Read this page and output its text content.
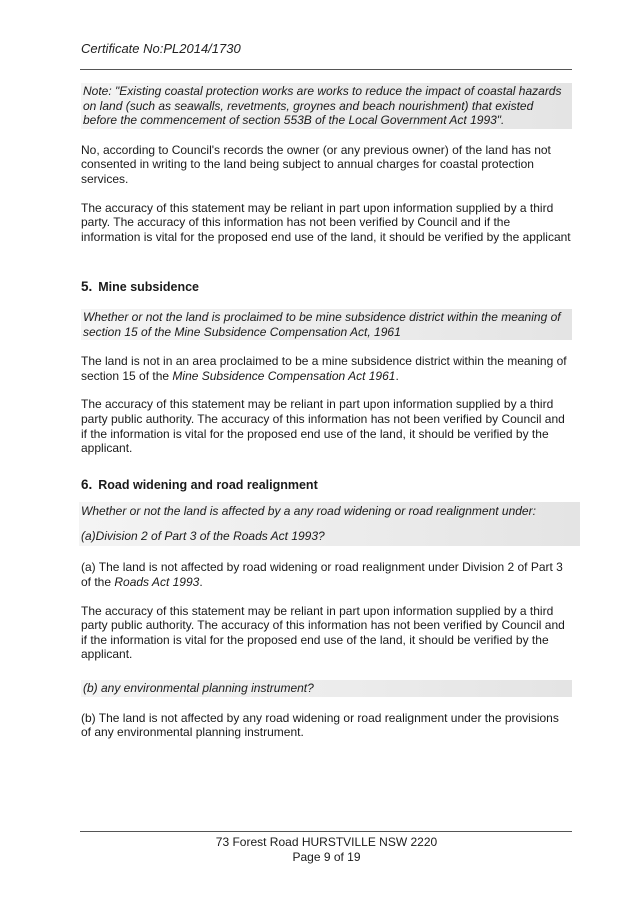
Certificate No:PL2014/1730

Note: "Existing coastal protection works are works to reduce the impact of coastal hazards on land (such as seawalls, revetments, groynes and beach nourishment) that existed before the commencement of section 553B of the Local Government Act 1993".

No, according to Council's records the owner (or any previous owner) of the land has not consented in writing to the land being subject to annual charges for coastal protection services.

The accuracy of this statement may be reliant in part upon information supplied by a third party. The accuracy of this information has not been verified by Council and if the information is vital for the proposed end use of the land, it should be verified by the applicant

5. Mine subsidence

Whether or not the land is proclaimed to be mine subsidence district within the meaning of section 15 of the Mine Subsidence Compensation Act, 1961

The land is not in an area proclaimed to be a mine subsidence district within the meaning of section 15 of the Mine Subsidence Compensation Act 1961.

The accuracy of this statement may be reliant in part upon information supplied by a third party public authority. The accuracy of this information has not been verified by Council and if the information is vital for the proposed end use of the land, it should be verified by the applicant.

6. Road widening and road realignment

Whether or not the land is affected by a any road widening or road realignment under:
(a)Division 2 of Part 3 of the Roads Act 1993?

(a) The land is not affected by road widening or road realignment under Division 2 of Part 3 of the Roads Act 1993.

The accuracy of this statement may be reliant in part upon information supplied by a third party public authority. The accuracy of this information has not been verified by Council and if the information is vital for the proposed end use of the land, it should be verified by the applicant.

(b) any environmental planning instrument?

(b) The land is not affected by any road widening or road realignment under the provisions of any environmental planning instrument.

73 Forest Road HURSTVILLE NSW 2220
Page 9 of 19
